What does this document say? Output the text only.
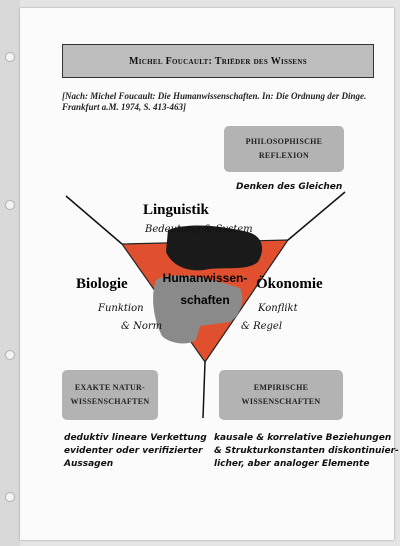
Michel Foucault: Triëder des Wissens
[Nach: Michel Foucault: Die Humanwissenschaften. In: Die Ordnung der Dinge. Frankfurt a.M. 1974, S. 413-463]
PHILOSOPHISCHE
REFLEXION
Denken des Gleichen
Linguistik
Bedeutung & System
Biologie
Funktion
& Norm
Ökonomie
Konflikt
& Regel
Humanwissen-
schaften
EXAKTE NATUR-
WISSENSCHAFTEN
EMPIRISCHE
WISSENSCHAFTEN
deduktiv lineare Verkettung
evidenter oder verifizierter
Aussagen
kausale & korrelative Beziehungen
& Strukturkonstanten diskontinuier-
licher, aber analoger Elemente
